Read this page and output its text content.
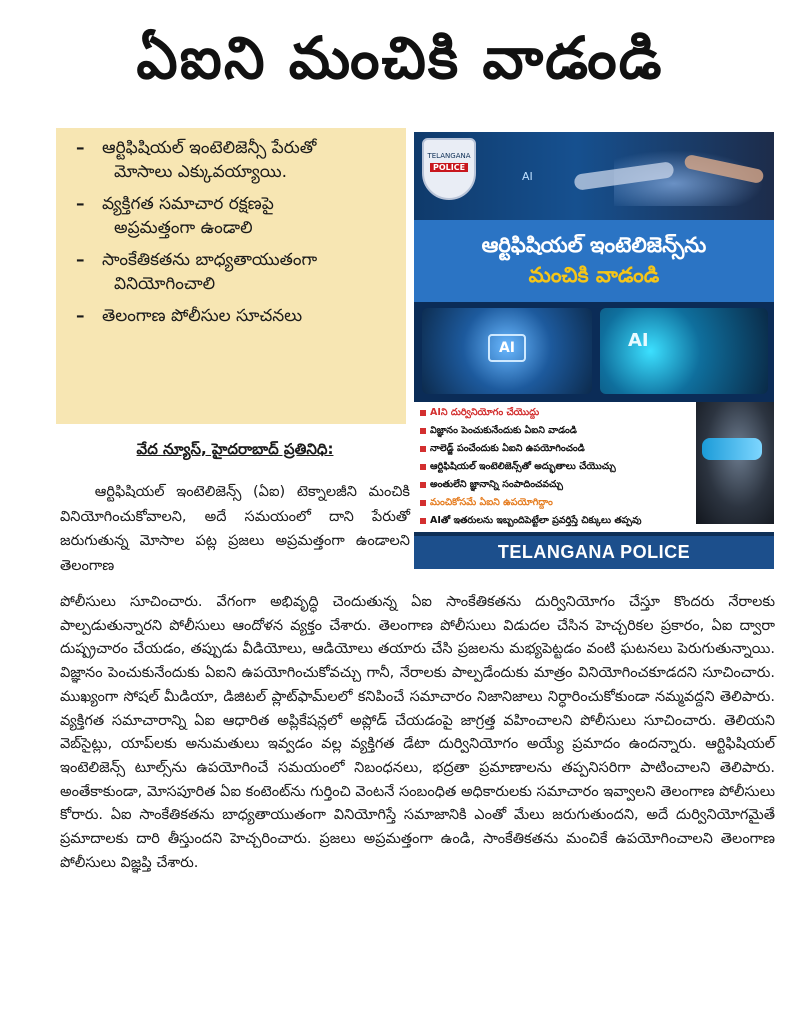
ఏఐని మంచికి వాడండి
– ఆర్టిఫిషియల్ ఇంటెలిజెన్సీ పేరుతో
మోసాలు ఎక్కువయ్యాయి.
– వ్యక్తిగత సమాచార రక్షణపై
అప్రమత్తంగా ఉండాలి
– సాంకేతికతను బాధ్యతాయుతంగా
వినియోగించాలి
– తెలంగాణ పోలీసుల సూచనలు
వేద న్యూస్, హైదరాబాద్ ప్రతినిధి:
TELANGANA
POLICE
AI
ఆర్టిఫిషియల్ ఇంటెలిజెన్స్‌ను
మంచికి వాడండి
AI	AI
AIని దుర్వినియోగం చేయొద్దు
విజ్ఞానం పెంచుకునేందుకు ఏఐని వాడండి
నాలెడ్జ్ పంచేందుకు ఏఐని ఉపయోగించండి
ఆర్టిఫిషియల్ ఇంటెలిజెన్స్‌తో అద్భుతాలు చేయొచ్చు
అంతులేని జ్ఞానాన్ని సంపాదించవచ్చు
మంచికోసమే ఏఐని ఉపయోగిద్దాం
AIతో ఇతరులను ఇబ్బందిపెట్టేలా ప్రవర్తిస్తే చిక్కులు తప్పవు
TELANGANA POLICE

ఆర్టిఫిషియల్ ఇంటెలిజెన్స్ (ఏఐ) టెక్నాలజీని మంచికి వినియోగించుకోవాలని, అదే సమయంలో దాని పేరుతో జరుగుతున్న మోసాల పట్ల ప్రజలు అప్రమత్తంగా ఉండాలని తెలంగాణ

పోలీసులు సూచించారు. వేగంగా అభివృద్ధి చెందుతున్న ఏఐ సాంకేతికతను దుర్వినియోగం చేస్తూ కొందరు నేరాలకు పాల్పడుతున్నారని పోలీసులు ఆందోళన వ్యక్తం చేశారు. తెలంగాణ పోలీసులు విడుదల చేసిన హెచ్చరికల ప్రకారం, ఏఐ ద్వారా దుష్ప్రచారం చేయడం, తప్పుడు వీడియోలు, ఆడియోలు తయారు చేసి ప్రజలను మభ్యపెట్టడం వంటి ఘటనలు పెరుగుతున్నాయి. విజ్ఞానం పెంచుకునేందుకు ఏఐని ఉపయోగించుకోవచ్చు గానీ, నేరాలకు పాల్పడేందుకు మాత్రం వినియోగించకూడదని సూచించారు. ముఖ్యంగా సోషల్ మీడియా, డిజిటల్ ప్లాట్‌ఫామ్‌లలో కనిపించే సమాచారం నిజానిజాలు నిర్ధారించుకోకుండా నమ్మవద్దని తెలిపారు. వ్యక్తిగత సమాచారాన్ని ఏఐ ఆధారిత అప్లికేషన్లలో అప్లోడ్ చేయడంపై జాగ్రత్త వహించాలని పోలీసులు సూచించారు. తెలియని వెబ్‌సైట్లు, యాప్‌లకు అనుమతులు ఇవ్వడం వల్ల వ్యక్తిగత డేటా దుర్వినియోగం అయ్యే ప్రమాదం ఉందన్నారు. ఆర్టిఫిషియల్ ఇంటెలిజెన్స్ టూల్స్‌ను ఉపయోగించే సమయంలో నిబంధనలు, భద్రతా ప్రమాణాలను తప్పనిసరిగా పాటించాలని తెలిపారు. అంతేకాకుండా, మోసపూరిత ఏఐ కంటెంట్‌ను గుర్తించి వెంటనే సంబంధిత అధికారులకు సమాచారం ఇవ్వాలని తెలంగాణ పోలీసులు కోరారు. ఏఐ సాంకేతికతను బాధ్యతాయుతంగా వినియోగిస్తే సమాజానికి ఎంతో మేలు జరుగుతుందని, అదే దుర్వినియోగమైతే ప్రమాదాలకు దారి తీస్తుందని హెచ్చరించారు. ప్రజలు అప్రమత్తంగా ఉండి, సాంకేతికతను మంచికే ఉపయోగించాలని తెలంగాణ పోలీసులు విజ్ఞప్తి చేశారు.
